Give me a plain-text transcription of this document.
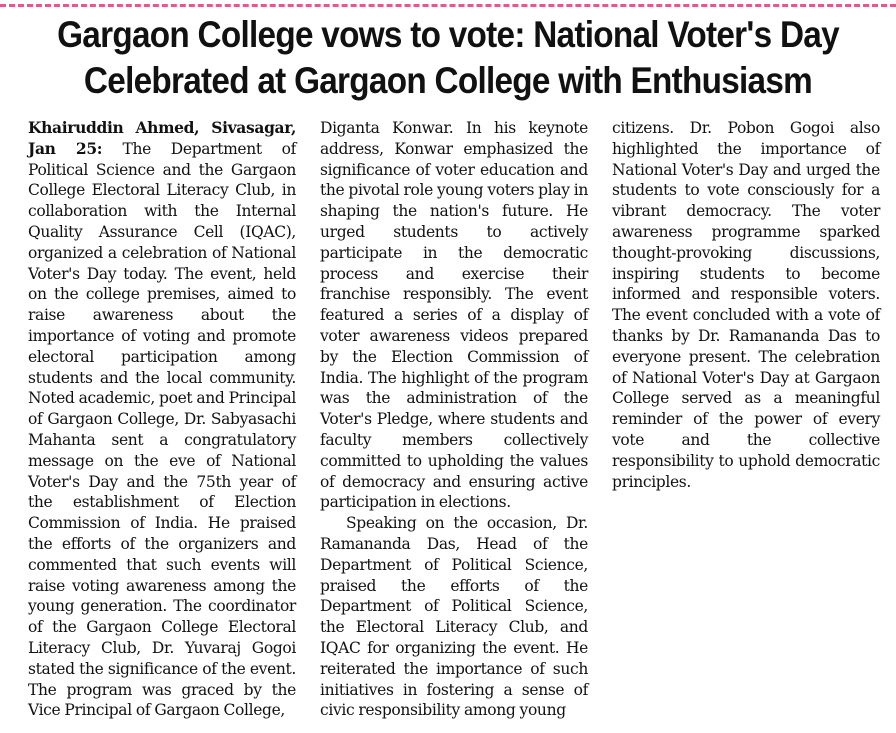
Gargaon College vows to vote: National Voter's Day
Celebrated at Gargaon College with Enthusiasm

Khairuddin Ahmed, Sivasagar, Jan 25: The Department of Political Science and the Gargaon College Electoral Literacy Club, in collaboration with the Internal Quality Assurance Cell (IQAC), organized a celebration of National Voter's Day today. The event, held on the college premises, aimed to raise awareness about the importance of voting and promote electoral participation among students and the local community. Noted academic, poet and Principal of Gargaon College, Dr. Sabyasachi Mahanta sent a congratulatory message on the eve of National Voter's Day and the 75th year of the establishment of Election Commission of India. He praised the efforts of the organizers and commented that such events will raise voting awareness among the young generation. The coordinator of the Gargaon College Electoral Literacy Club, Dr. Yuvaraj Gogoi stated the significance of the event. The program was graced by the Vice Principal of Gargaon College,

Diganta Konwar. In his keynote address, Konwar emphasized the significance of voter education and the pivotal role young voters play in shaping the nation's future. He urged students to actively participate in the democratic process and exercise their franchise responsibly. The event featured a series of a display of voter awareness videos prepared by the Election Commission of India. The highlight of the program was the administration of the Voter's Pledge, where students and faculty members collectively committed to upholding the values of democracy and ensuring active participation in elections.

Speaking on the occasion, Dr. Ramananda Das, Head of the Department of Political Science, praised the efforts of the Department of Political Science, the Electoral Literacy Club, and IQAC for organizing the event. He reiterated the importance of such initiatives in fostering a sense of civic responsibility among young

citizens. Dr. Pobon Gogoi also highlighted the importance of National Voter's Day and urged the students to vote consciously for a vibrant democracy. The voter awareness programme sparked thought-provoking discussions, inspiring students to become informed and responsible voters. The event concluded with a vote of thanks by Dr. Ramananda Das to everyone present. The celebration of National Voter's Day at Gargaon College served as a meaningful reminder of the power of every vote and the collective responsibility to uphold democratic principles.
